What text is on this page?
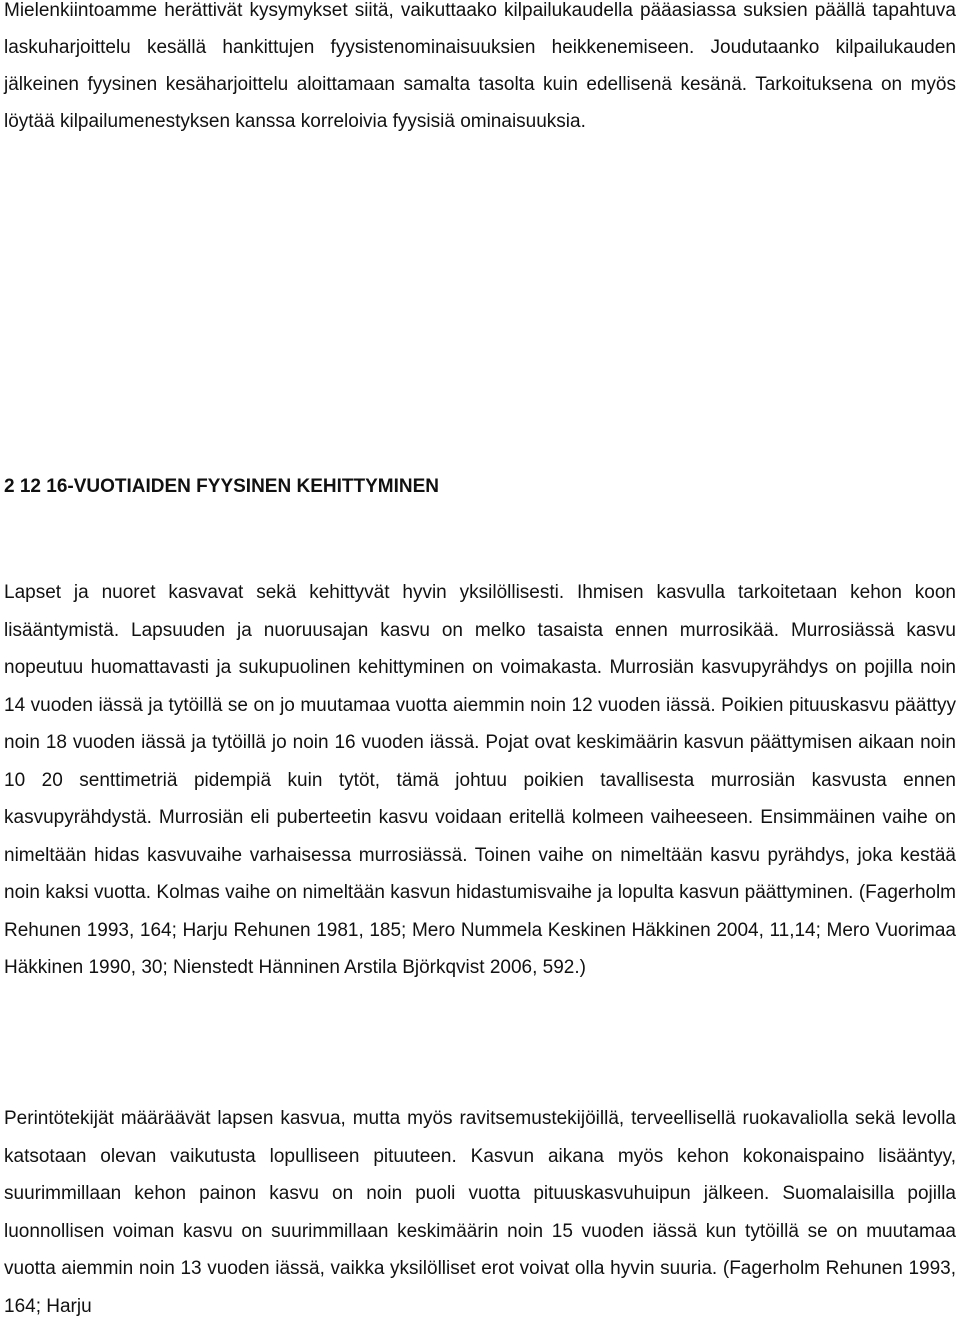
Mielenkiintoamme herättivät kysymykset siitä, vaikuttaako kilpailukaudella pääasiassa suksien päällä tapahtuva laskuharjoittelu kesällä hankittujen fyysistenominaisuuksien heikkenemiseen. Joudutaanko kilpailukauden jälkeinen fyysinen kesäharjoittelu aloittamaan samalta tasolta kuin edellisenä kesänä. Tarkoituksena on myös löytää kilpailumenestyksen kanssa korreloivia fyysisiä ominaisuuksia.

2 12 16-VUOTIAIDEN FYYSINEN KEHITTYMINEN

Lapset ja nuoret kasvavat sekä kehittyvät hyvin yksilöllisesti. Ihmisen kasvulla tarkoitetaan kehon koon lisääntymistä. Lapsuuden ja nuoruusajan kasvu on melko tasaista ennen murrosikää. Murrosiässä kasvu nopeutuu huomattavasti ja sukupuolinen kehittyminen on voimakasta. Murrosiän kasvupyrähdys on pojilla noin 14 vuoden iässä ja tytöillä se on jo muutamaa vuotta aiemmin noin 12 vuoden iässä. Poikien pituuskasvu päättyy noin 18 vuoden iässä ja tytöillä jo noin 16 vuoden iässä. Pojat ovat keskimäärin kasvun päättymisen aikaan noin 10 20 senttimetriä pidempiä kuin tytöt, tämä johtuu poikien tavallisesta murrosiän kasvusta ennen kasvupyrähdystä. Murrosiän eli puberteetin kasvu voidaan eritellä kolmeen vaiheeseen. Ensimmäinen vaihe on nimeltään hidas kasvuvaihe varhaisessa murrosiässä. Toinen vaihe on nimeltään kasvu pyrähdys, joka kestää noin kaksi vuotta. Kolmas vaihe on nimeltään kasvun hidastumisvaihe ja lopulta kasvun päättyminen. (Fagerholm Rehunen 1993, 164; Harju Rehunen 1981, 185; Mero Nummela Keskinen Häkkinen 2004, 11,14; Mero Vuorimaa Häkkinen 1990, 30; Nienstedt Hänninen Arstila Björkqvist 2006, 592.)

Perintötekijät määräävät lapsen kasvua, mutta myös ravitsemustekijöillä, terveellisellä ruokavaliolla sekä levolla katsotaan olevan vaikutusta lopulliseen pituuteen. Kasvun aikana myös kehon kokonaispaino lisääntyy, suurimmillaan kehon painon kasvu on noin puoli vuotta pituuskasvuhuipun jälkeen. Suomalaisilla pojilla luonnollisen voiman kasvu on suurimmillaan keskimäärin noin 15 vuoden iässä kun tytöillä se on muutamaa vuotta aiemmin noin 13 vuoden iässä, vaikka yksilölliset erot voivat olla hyvin suuria. (Fagerholm Rehunen 1993, 164; Harju
